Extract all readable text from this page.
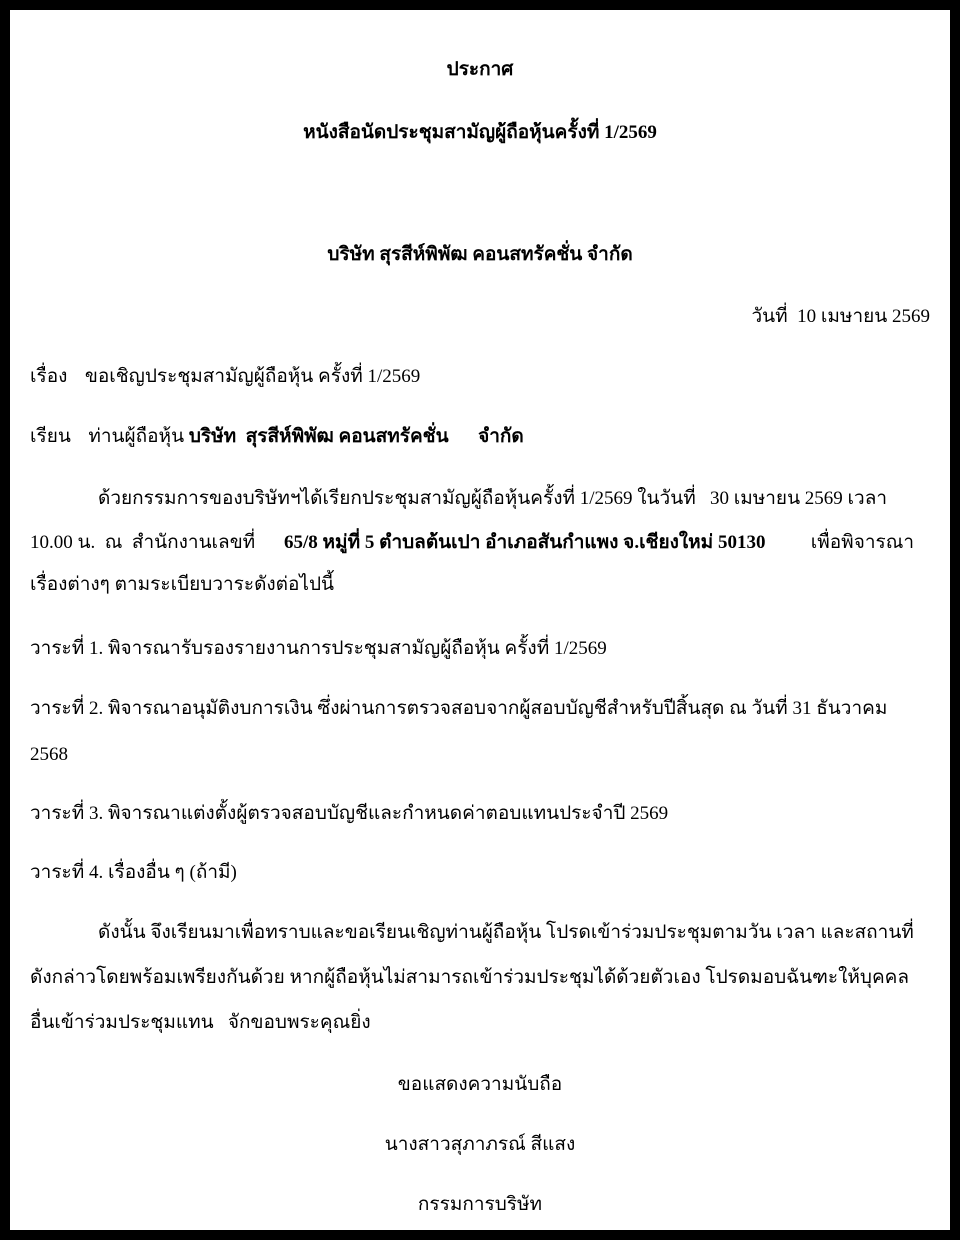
ประกาศ
หนังสือนัดประชุมสามัญผู้ถือหุ้นครั้งที่ 1/2569
บริษัท สุรสีห์พิพัฒ คอนสทรัคชั่น จำกัด
วันที่  10 เมษายน 2569
เรื่อง ขอเชิญประชุมสามัญผู้ถือหุ้น ครั้งที่ 1/2569
เรียน ท่านผู้ถือหุ้น บริษัท  สุรสีห์พิพัฒ คอนสทรัคชั่น จำกัด
ด้วยกรรมการของบริษัทฯได้เรียกประชุมสามัญผู้ถือหุ้นครั้งที่ 1/2569 ในวันที่   30 เมษายน 2569 เวลา
10.00 น.  ณ  สำนักงานเลขที่ 65/8 หมู่ที่ 5 ตำบลต้นเปา อำเภอสันกำแพง จ.เชียงใหม่ 50130 เพื่อพิจารณา
เรื่องต่างๆ ตามระเบียบวาระดังต่อไปนี้
วาระที่ 1. พิจารณารับรองรายงานการประชุมสามัญผู้ถือหุ้น ครั้งที่ 1/2569
วาระที่ 2. พิจารณาอนุมัติงบการเงิน ซึ่งผ่านการตรวจสอบจากผู้สอบบัญชีสำหรับปีสิ้นสุด ณ วันที่ 31 ธันวาคม
2568
วาระที่ 3. พิจารณาแต่งตั้งผู้ตรวจสอบบัญชีและกำหนดค่าตอบแทนประจำปี 2569
วาระที่ 4. เรื่องอื่น ๆ (ถ้ามี)
ดังนั้น จึงเรียนมาเพื่อทราบและขอเรียนเชิญท่านผู้ถือหุ้น โปรดเข้าร่วมประชุมตามวัน เวลา และสถานที่
ดังกล่าวโดยพร้อมเพรียงกันด้วย หากผู้ถือหุ้นไม่สามารถเข้าร่วมประชุมได้ด้วยตัวเอง โปรดมอบฉันฑะให้บุคคล
อื่นเข้าร่วมประชุมแทน   จักขอบพระคุณยิ่ง
ขอแสดงความนับถือ
นางสาวสุภาภรณ์ สีแสง
กรรมการบริษัท
